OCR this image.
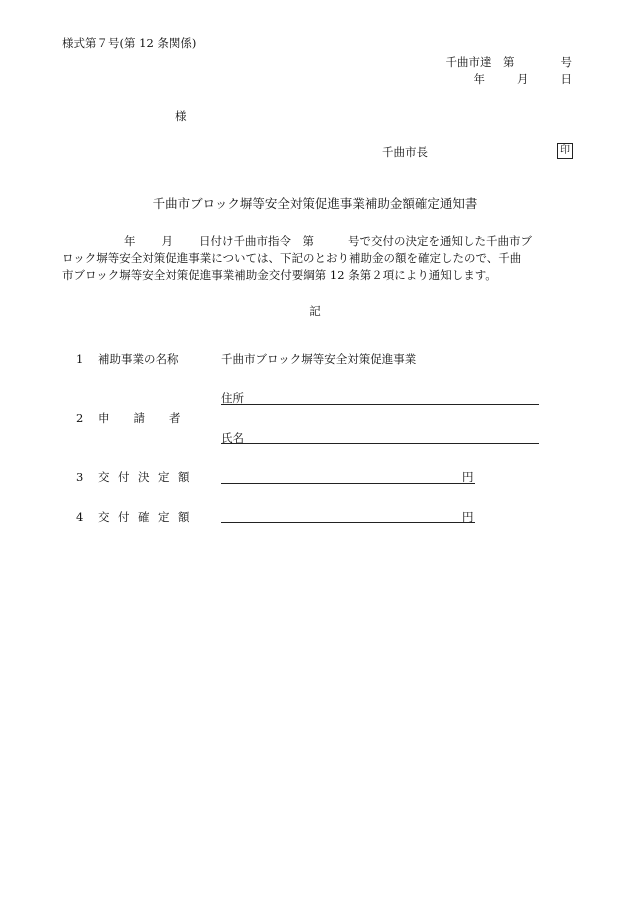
様式第７号(第 12 条関係)
千曲市達　第	号
年	月	日
様
千曲市長	印
千曲市ブロック塀等安全対策促進事業補助金額確定通知書
年 月 日付け千曲市指令　第	号で交付の決定を通知した千曲市ブ
ロック塀等安全対策促進事業については、下記のとおり補助金の額を確定したので、千曲
市ブロック塀等安全対策促進事業補助金交付要綱第 12 条第２項により通知します。
記
1 補助事業の名称	千曲市ブロック塀等安全対策促進事業
2 申請者
住所
氏名
3 交付決定額	円
4 交付確定額	円
